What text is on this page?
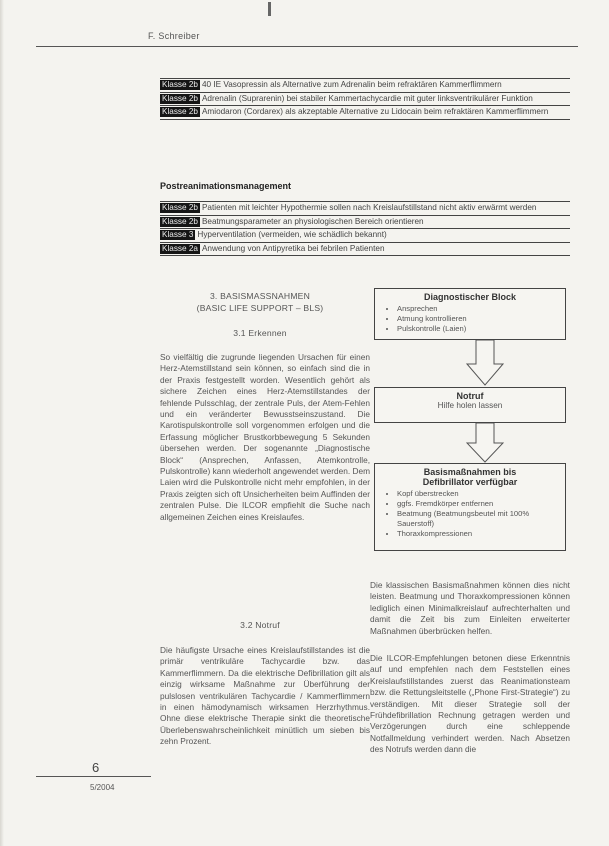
F. Schreiber
Klasse 2b 40 IE Vasopressin als Alternative zum Adrenalin beim refraktären Kammerflimmern
Klasse 2b Adrenalin (Suprarenin) bei stabiler Kammertachycardie mit guter linksventrikulärer Funktion
Klasse 2b Amiodaron (Cordarex) als akzeptable Alternative zu Lidocain beim refraktären Kammerflimmern
Postreanimationsmanagement
Klasse 2b Patienten mit leichter Hypothermie sollen nach Kreislaufstillstand nicht aktiv erwärmt werden
Klasse 2b Beatmungsparameter an physiologischen Bereich orientieren
Klasse 3 Hyperventilation (vermeiden, wie schädlich bekannt)
Klasse 2a Anwendung von Antipyretika bei febrilen Patienten
3. BASISMASSNAHMEN
(BASIC LIFE SUPPORT – BLS)
3.1 Erkennen

So vielfältig die zugrunde liegenden Ursachen für einen Herz-Atemstillstand sein können, so einfach sind die in der Praxis festgestellt worden. Wesentlich gehört als sichere Zeichen eines Herz-Atemstillstandes der fehlende Pulsschlag, der zentrale Puls, der Atem-Fehlen und ein veränderter Bewusstseinszustand. Die Karotispulskontrolle soll vorgenommen erfolgen und die Erfassung möglicher Brustkorbbewegung 5 Sekunden übersehen werden. Der sogenannte „Diagnostische Block“ (Ansprechen, Anfassen, Atemkontrolle, Pulskontrolle) kann wiederholt angewendet werden. Dem Laien wird die Pulskontrolle nicht mehr empfohlen, in der Praxis zeigten sich oft Unsicherheiten beim Auffinden der zentralen Pulse. Die ILCOR empfiehlt die Suche nach allgemeinen Zeichen eines Kreislaufes.

3.2 Notruf

Die häufigste Ursache eines Kreislaufstillstandes ist die primär ventrikuläre Tachycardie bzw. das Kammerflimmern. Da die elektrische Defibrillation gilt als einzig wirksame Maßnahme zur Überführung der pulslosen ventrikulären Tachycardie / Kammerflimmern in einen hämodynamisch wirksamen Herzrhythmus. Ohne diese elektrische Therapie sinkt die theoretische Überlebenswahrscheinlichkeit minütlich um sieben bis zehn Prozent.

Diagnostischer Block
• Ansprechen
• Atmung kontrollieren
• Pulskontrolle (Laien)
Notruf
Hilfe holen lassen
Basismaßnahmen bis
Defibrillator verfügbar
• Kopf überstrecken
• ggfs. Fremdkörper entfernen
• Beatmung (Beatmungsbeutel mit 100% Sauerstoff)
• Thoraxkompressionen

Die klassischen Basismaßnahmen können dies nicht leisten. Beatmung und Thoraxkompressionen können lediglich einen Minimalkreislauf aufrechterhalten und damit die Zeit bis zum Einleiten erweiterter Maßnahmen überbrücken helfen.

Die ILCOR-Empfehlungen betonen diese Erkenntnis auf und empfehlen nach dem Feststellen eines Kreislaufstillstandes zuerst das Reanimationsteam bzw. die Rettungsleitstelle („Phone First-Strategie“) zu verständigen. Mit dieser Strategie soll der Frühdefibrillation Rechnung getragen werden und Verzögerungen durch eine schleppende Notfallmeldung verhindert werden. Nach Absetzen des Notrufs werden dann die

6
5/2004
